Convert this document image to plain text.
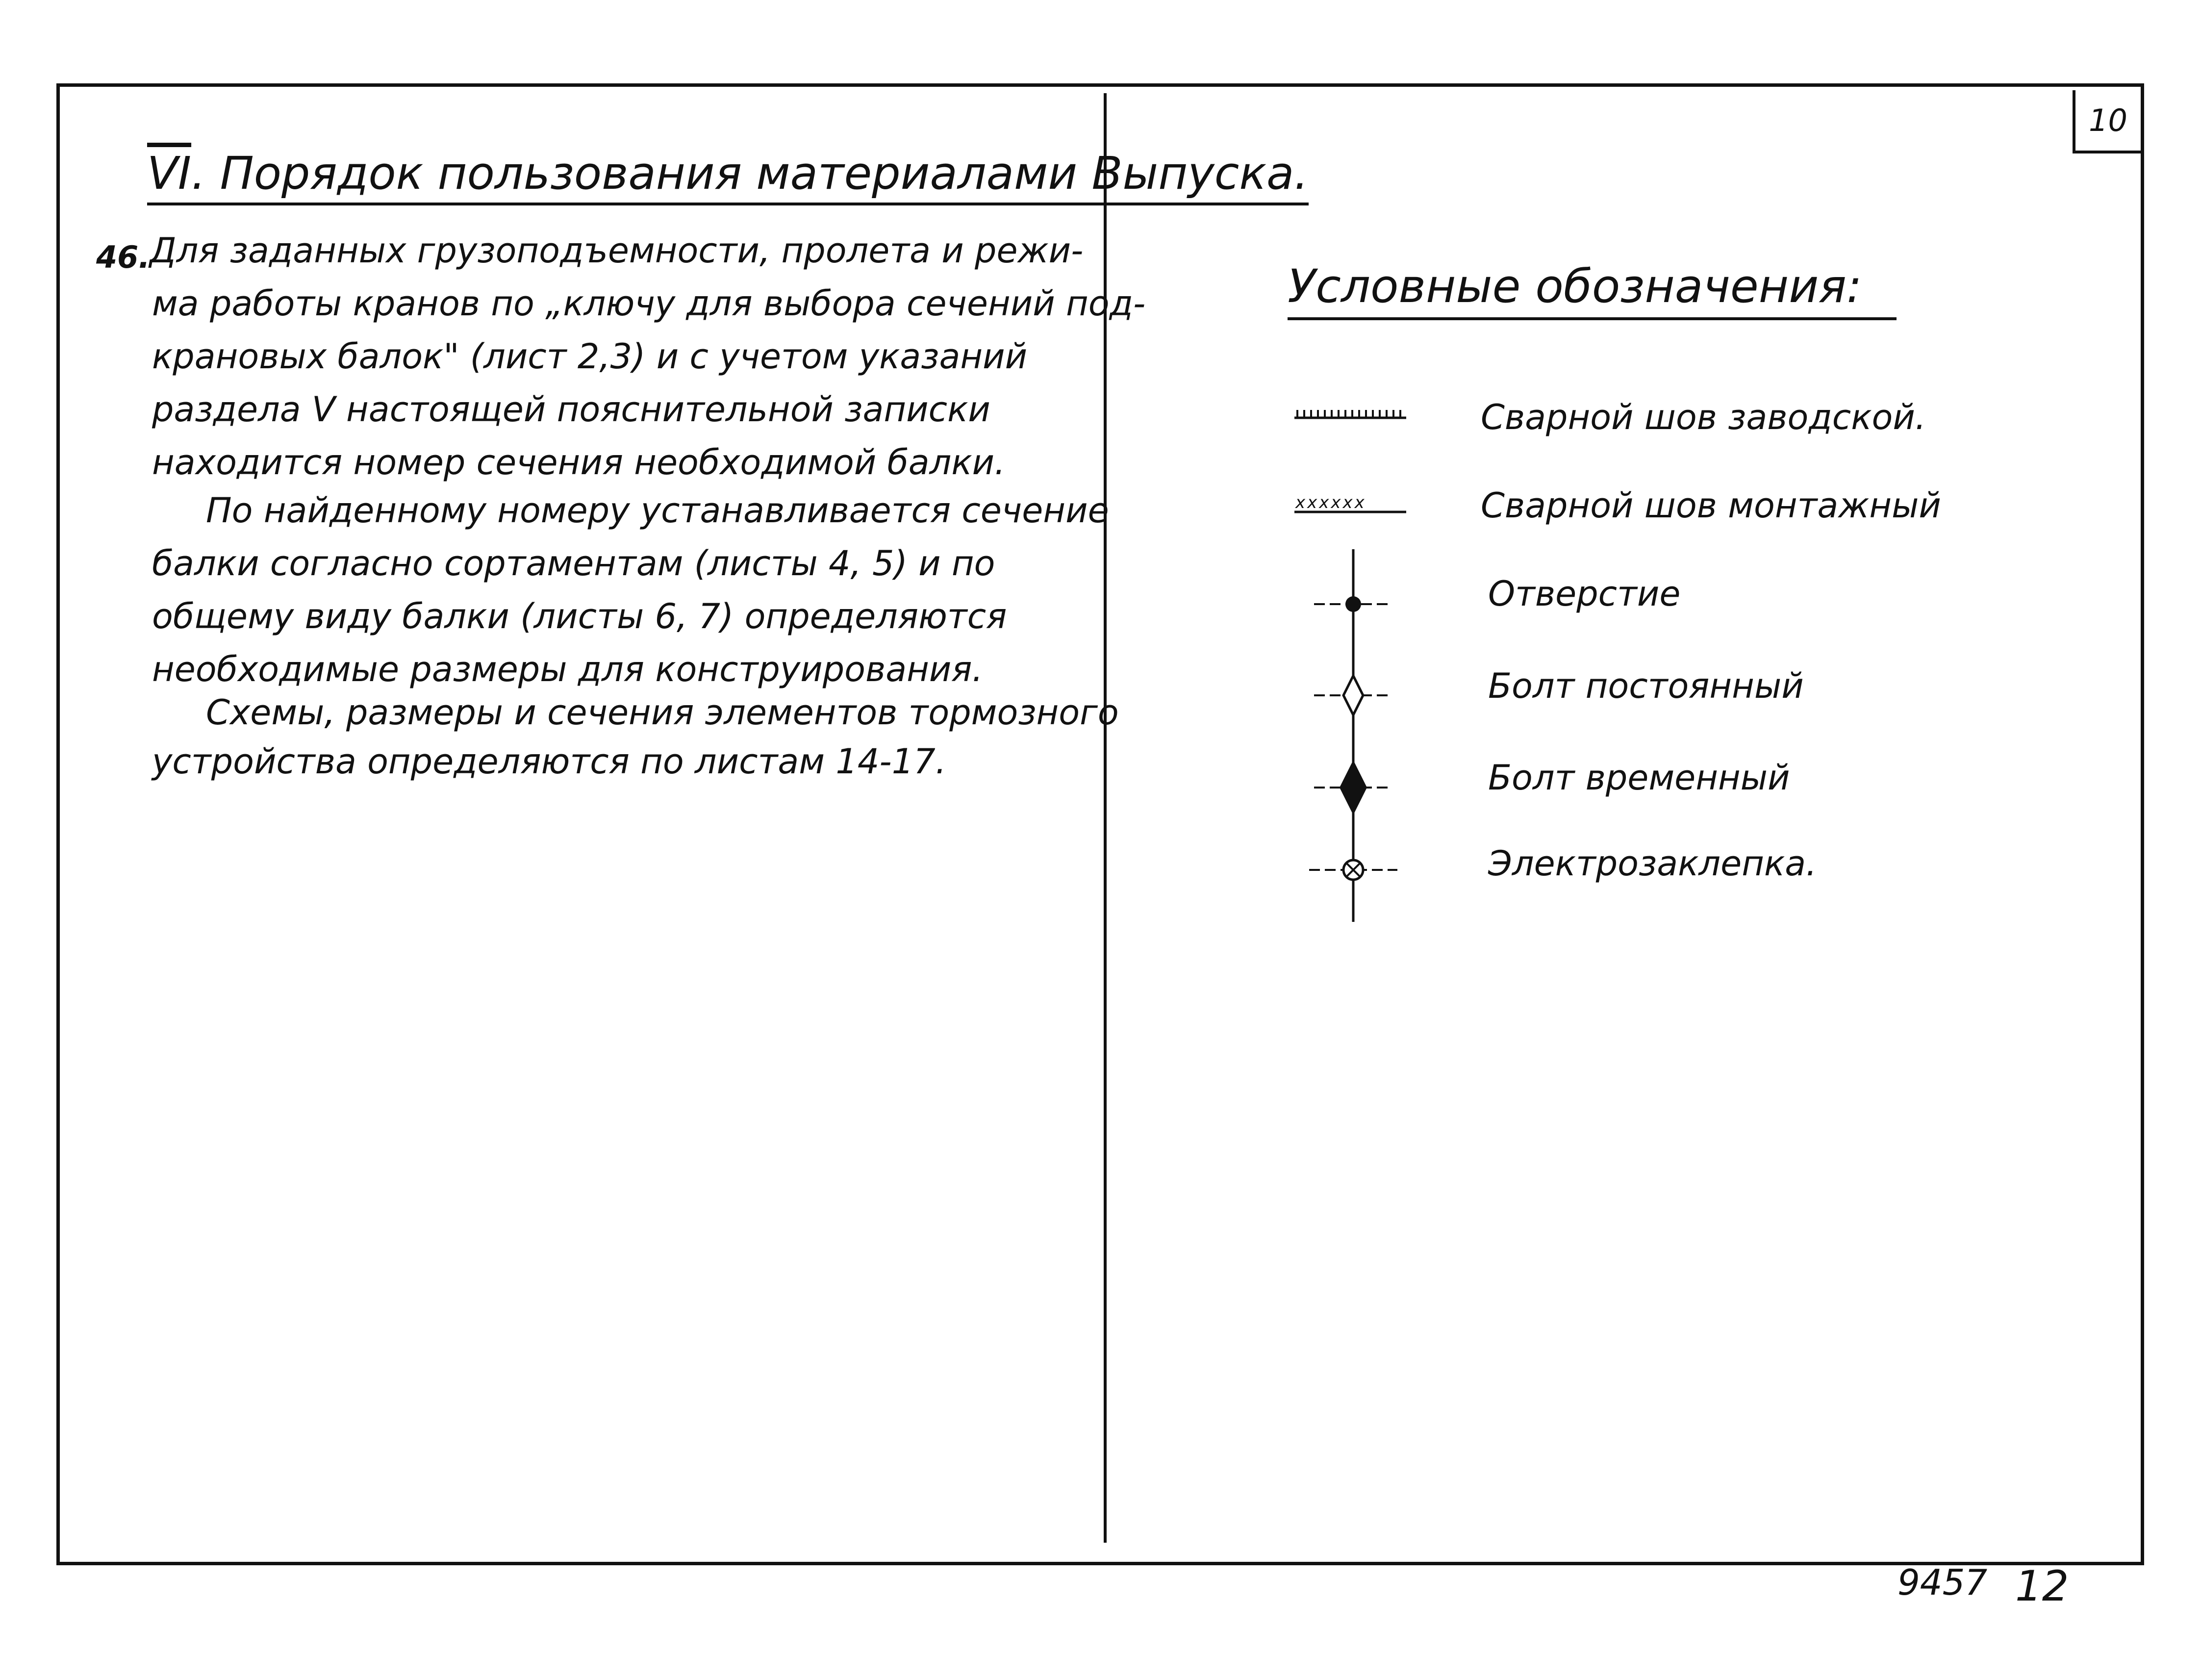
10
$\overline{VI}$. Порядок пользования материалами Выпуска.
46. Для заданных грузоподъемности, пролета и режи-
ма работы кранов по „ключу для выбора сечений под-
крановых балок" (лист 2,3) и с учетом указаний
раздела V настоящей пояснительной записки
находится номер сечения необходимой балки.
По найденному номеру устанавливается сечение
балки согласно сортаментам (листы 4, 5) и по
общему виду балки (листы 6, 7) определяются
необходимые размеры для конструирования.
Схемы, размеры и сечения элементов тормозного
устройства определяются по листам 14-17.
Условные обозначения:
xxxxxx
Сварной шов заводской.
Сварной шов монтажный
Отверстие
Болт постоянный
Болт временный
Электрозаклепка.
9457 12
